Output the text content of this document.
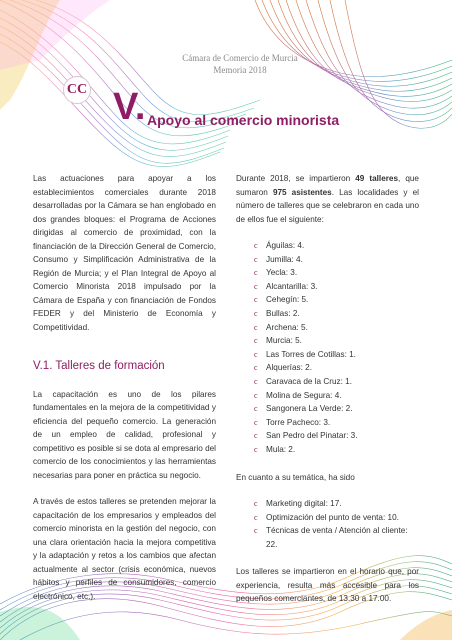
Cámara de Comercio de Murcia
Memoria 2018
CC V. Apoyo al comercio minorista

Las actuaciones para apoyar a los establecimientos comerciales durante 2018 desarrolladas por la Cámara se han englobado en dos grandes bloques: el Programa de Acciones dirigidas al comercio de proximidad, con la financiación de la Dirección General de Comercio, Consumo y Simplificación Administrativa de la Región de Murcia; y el Plan Integral de Apoyo al Comercio Minorista 2018 impulsado por la Cámara de España y con financiación de Fondos FEDER y del Ministerio de Economía y Competitividad.

V.1. Talleres de formación

La capacitación es uno de los pilares fundamentales en la mejora de la competitividad y eficiencia del pequeño comercio. La generación de un empleo de calidad, profesional y competitivo es posible si se dota al empresario del comercio de los conocimientos y las herramientas necesarias para poner en práctica su negocio.

A través de estos talleres se pretenden mejorar la capacitación de los empresarios y empleados del comercio minorista en la gestión del negocio, con una clara orientación hacia la mejora competitiva y la adaptación y retos a los cambios que afectan actualmente al sector (crisis económica, nuevos hábitos y perfiles de consumidores, comercio electrónico, etc.).

Durante 2018, se impartieron 49 talleres, que sumaron 975 asistentes. Las localidades y el número de talleres que se celebraron en cada uno de ellos fue el siguiente:

c Águilas: 4.
c Jumilla: 4.
c Yecla: 3.
c Alcantarilla: 3.
c Cehegín: 5.
c Bullas: 2.
c Archena: 5.
c Murcia: 5.
c Las Torres de Cotillas: 1.
c Alquerías: 2.
c Caravaca de la Cruz: 1.
c Molina de Segura: 4.
c Sangonera La Verde: 2.
c Torre Pacheco: 3.
c San Pedro del Pinatar: 3.
c Mula: 2.

En cuanto a su temática, ha sido

c Marketing digital: 17.
c Optimización del punto de venta: 10.
c Técnicas de venta / Atención al cliente: 22.

Los talleres se impartieron en el horario que, por experiencia, resulta más accesible para los pequeños comerciantes, de 13.30 a 17.00.
